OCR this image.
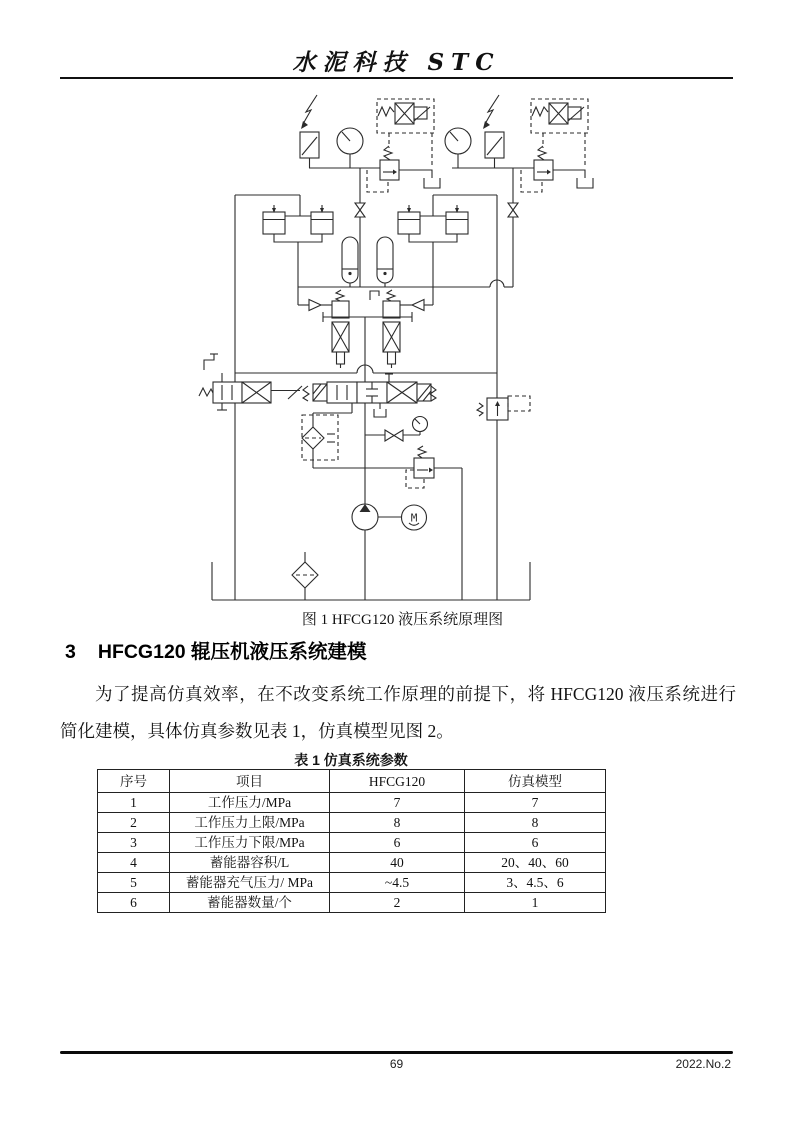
水泥科技 STC
M
图 1 HFCG120 液压系统原理图
3 HFCG120 辊压机液压系统建模

为了提高仿真效率，在不改变系统工作原理的前提下，将 HFCG120 液压系统进行简化建模，具体仿真参数见表 1，仿真模型见图 2。

表 1 仿真系统参数
序号	项目	HFCG120	仿真模型
1	工作压力/MPa	7	7
2	工作压力上限/MPa	8	8
3	工作压力下限/MPa	6	6
4	蓄能器容积/L	40	20、40、60
5	蓄能器充气压力/ MPa	~4.5	3、4.5、6
6	蓄能器数量/个	2	1
69	2022.No.2
